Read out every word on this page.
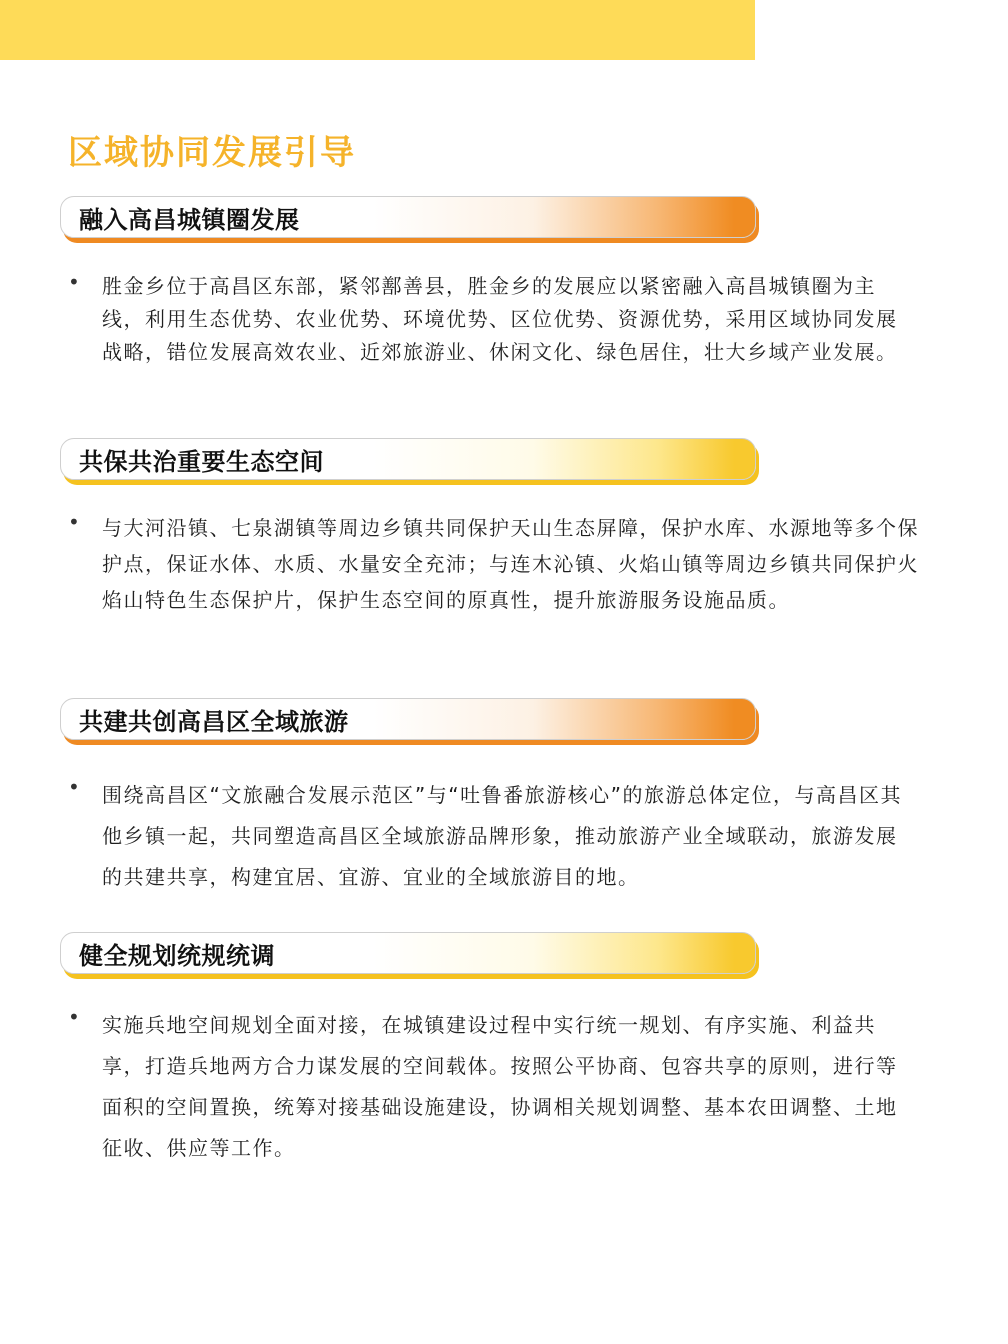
区域协同发展引导
融入高昌城镇圈发展
•	胜金乡位于高昌区东部，紧邻鄯善县，胜金乡的发展应以紧密融入高昌城镇圈为主线，利用生态优势、农业优势、环境优势、区位优势、资源优势，采用区域协同发展战略，错位发展高效农业、近郊旅游业、休闲文化、绿色居住，壮大乡域产业发展。

共保共治重要生态空间
•	与大河沿镇、七泉湖镇等周边乡镇共同保护天山生态屏障，保护水库、水源地等多个保护点，保证水体、水质、水量安全充沛；与连木沁镇、火焰山镇等周边乡镇共同保护火焰山特色生态保护片，保护生态空间的原真性，提升旅游服务设施品质。

共建共创高昌区全域旅游
•	围绕高昌区“文旅融合发展示范区”与“吐鲁番旅游核心”的旅游总体定位，与高昌区其他乡镇一起，共同塑造高昌区全域旅游品牌形象，推动旅游产业全域联动，旅游发展的共建共享，构建宜居、宜游、宜业的全域旅游目的地。

健全规划统规统调
•	实施兵地空间规划全面对接，在城镇建设过程中实行统一规划、有序实施、利益共享，打造兵地两方合力谋发展的空间载体。按照公平协商、包容共享的原则，进行等面积的空间置换，统筹对接基础设施建设，协调相关规划调整、基本农田调整、土地征收、供应等工作。
